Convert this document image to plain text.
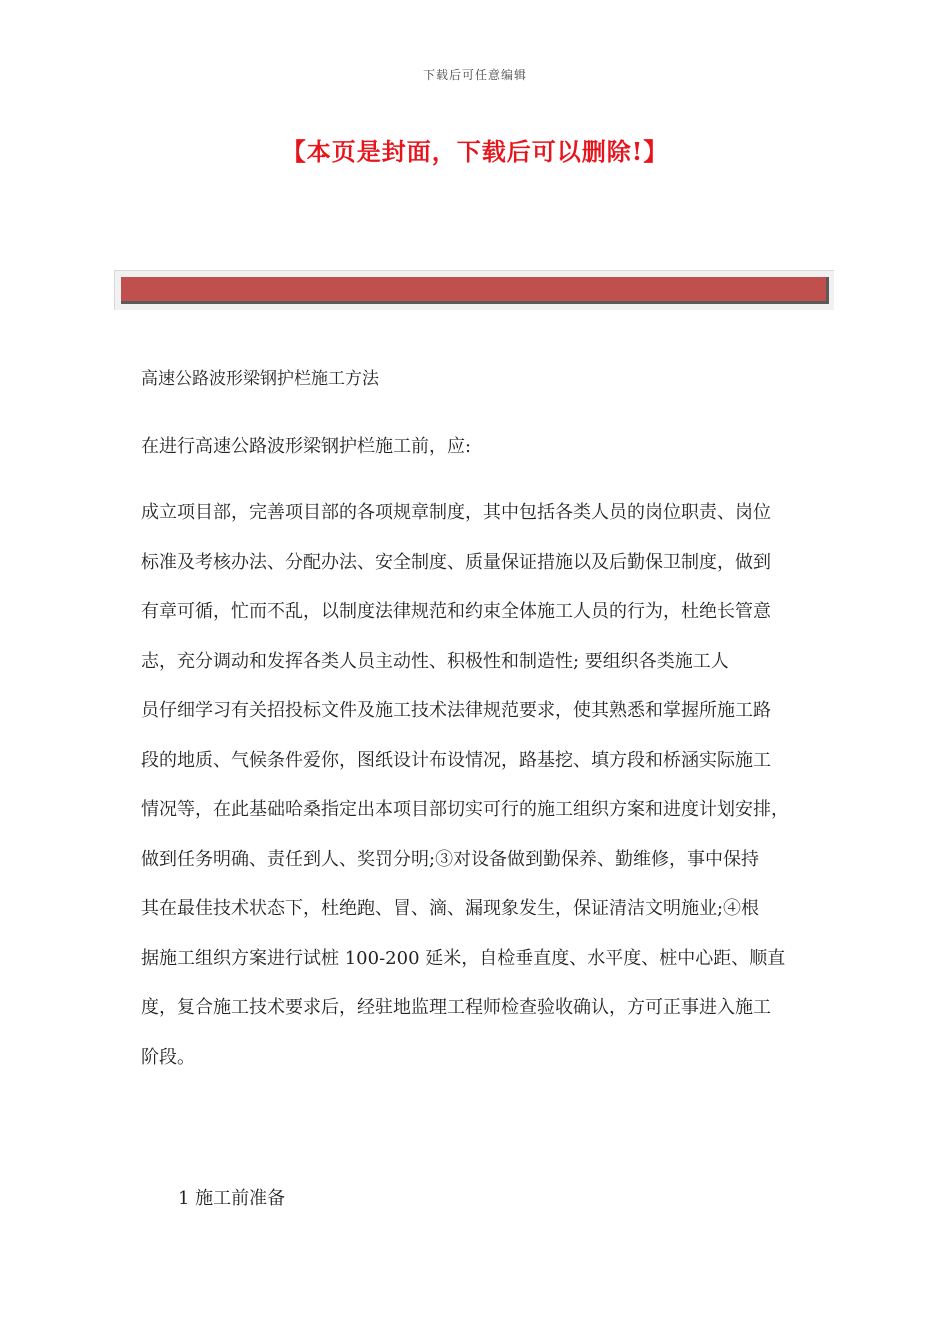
下载后可任意编辑
【本页是封面，下载后可以删除!】
高速公路波形梁钢护栏施工方法
在进行高速公路波形梁钢护栏施工前，应:
成立项目部，完善项目部的各项规章制度，其中包括各类人员的岗位职责、岗位
标准及考核办法、分配办法、安全制度、质量保证措施以及后勤保卫制度，做到
有章可循，忙而不乱，以制度法律规范和约束全体施工人员的行为，杜绝长管意
志，充分调动和发挥各类人员主动性、积极性和制造性; 要组织各类施工人
员仔细学习有关招投标文件及施工技术法律规范要求，使其熟悉和掌握所施工路
段的地质、气候条件爱你，图纸设计布设情况，路基挖、填方段和桥涵实际施工
情况等，在此基础哈桑指定出本项目部切实可行的施工组织方案和进度计划安排，
做到任务明确、责任到人、奖罚分明;③对设备做到勤保养、勤维修，事中保持
其在最佳技术状态下，杜绝跑、冒、滴、漏现象发生，保证清洁文明施业;④根
据施工组织方案进行试桩 100-200 延米，自检垂直度、水平度、桩中心距、顺直
度，复合施工技术要求后，经驻地监理工程师检查验收确认，方可正事进入施工
阶段。
1 施工前准备
